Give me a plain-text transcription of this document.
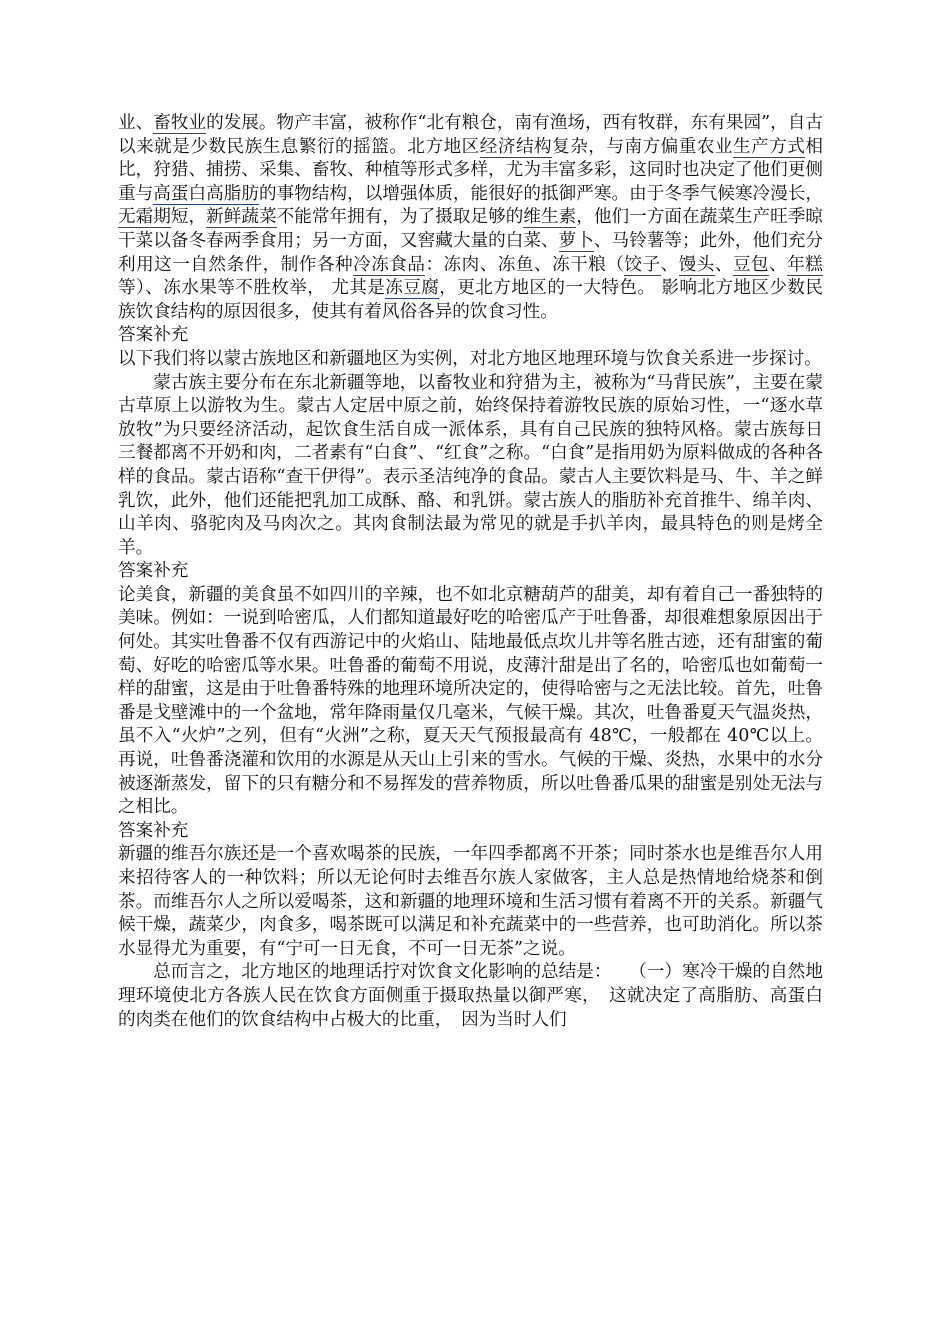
业、畜牧业的发展。物产丰富，被称作“北有粮仓，南有渔场，西有牧群，东有果园”，自古以来就是少数民族生息繁衍的摇篮。北方地区经济结构复杂，与南方偏重农业生产方式相比，狩猎、捕捞、采集、畜牧、种植等形式多样，尤为丰富多彩，这同时也决定了他们更侧重与高蛋白高脂肪的事物结构，以增强体质，能很好的抵御严寒。由于冬季气候寒冷漫长，无霜期短，新鲜蔬菜不能常年拥有，为了摄取足够的维生素，他们一方面在蔬菜生产旺季晾干菜以备冬春两季食用；另一方面，又窖藏大量的白菜、萝卜、马铃薯等；此外，他们充分利用这一自然条件，制作各种冷冻食品：冻肉、冻鱼、冻干粮（饺子、馒头、豆包、年糕等）、冻水果等不胜枚举， 尤其是冻豆腐，更北方地区的一大特色。 影响北方地区少数民族饮食结构的原因很多，使其有着风俗各异的饮食习性。

答案补充

以下我们将以蒙古族地区和新疆地区为实例，对北方地区地理环境与饮食关系进一步探讨。

蒙古族主要分布在东北新疆等地，以畜牧业和狩猎为主，被称为“马背民族”，主要在蒙古草原上以游牧为生。蒙古人定居中原之前，始终保持着游牧民族的原始习性，一“逐水草放牧”为只要经济活动，起饮食生活自成一派体系，具有自己民族的独特风格。蒙古族每日三餐都离不开奶和肉，二者素有“白食”、“红食”之称。“白食”是指用奶为原料做成的各种各样的食品。蒙古语称“查干伊得”。表示圣洁纯净的食品。蒙古人主要饮料是马、牛、羊之鲜乳饮，此外，他们还能把乳加工成酥、酪、和乳饼。蒙古族人的脂肪补充首推牛、绵羊肉、山羊肉、骆驼肉及马肉次之。其肉食制法最为常见的就是手扒羊肉，最具特色的则是烤全羊。

答案补充

论美食，新疆的美食虽不如四川的辛辣，也不如北京糖葫芦的甜美，却有着自己一番独特的美味。例如：一说到哈密瓜，人们都知道最好吃的哈密瓜产于吐鲁番，却很难想象原因出于何处。其实吐鲁番不仅有西游记中的火焰山、陆地最低点坎儿井等名胜古迹，还有甜蜜的葡萄、好吃的哈密瓜等水果。吐鲁番的葡萄不用说，皮薄汁甜是出了名的，哈密瓜也如葡萄一样的甜蜜，这是由于吐鲁番特殊的地理环境所决定的，使得哈密与之无法比较。首先，吐鲁番是戈壁滩中的一个盆地，常年降雨量仅几毫米，气候干燥。其次，吐鲁番夏天气温炎热，虽不入“火炉”之列，但有“火洲”之称，夏天天气预报最高有 48℃，一般都在 40℃以上。再说，吐鲁番浇灌和饮用的水源是从天山上引来的雪水。气候的干燥、炎热，水果中的水分被逐渐蒸发，留下的只有糖分和不易挥发的营养物质，所以吐鲁番瓜果的甜蜜是别处无法与之相比。

答案补充

新疆的维吾尔族还是一个喜欢喝茶的民族，一年四季都离不开茶；同时茶水也是维吾尔人用来招待客人的一种饮料；所以无论何时去维吾尔族人家做客，主人总是热情地给烧茶和倒茶。而维吾尔人之所以爱喝茶，这和新疆的地理环境和生活习惯有着离不开的关系。新疆气候干燥，蔬菜少，肉食多，喝茶既可以满足和补充蔬菜中的一些营养，也可助消化。所以茶水显得尤为重要，有“宁可一日无食，不可一日无茶”之说。

总而言之，北方地区的地理话拧对饮食文化影响的总结是：　　（一）寒冷干燥的自然地理环境使北方各族人民在饮食方面侧重于摄取热量以御严寒，　这就决定了高脂肪、高蛋白的肉类在他们的饮食结构中占极大的比重，　因为当时人们
